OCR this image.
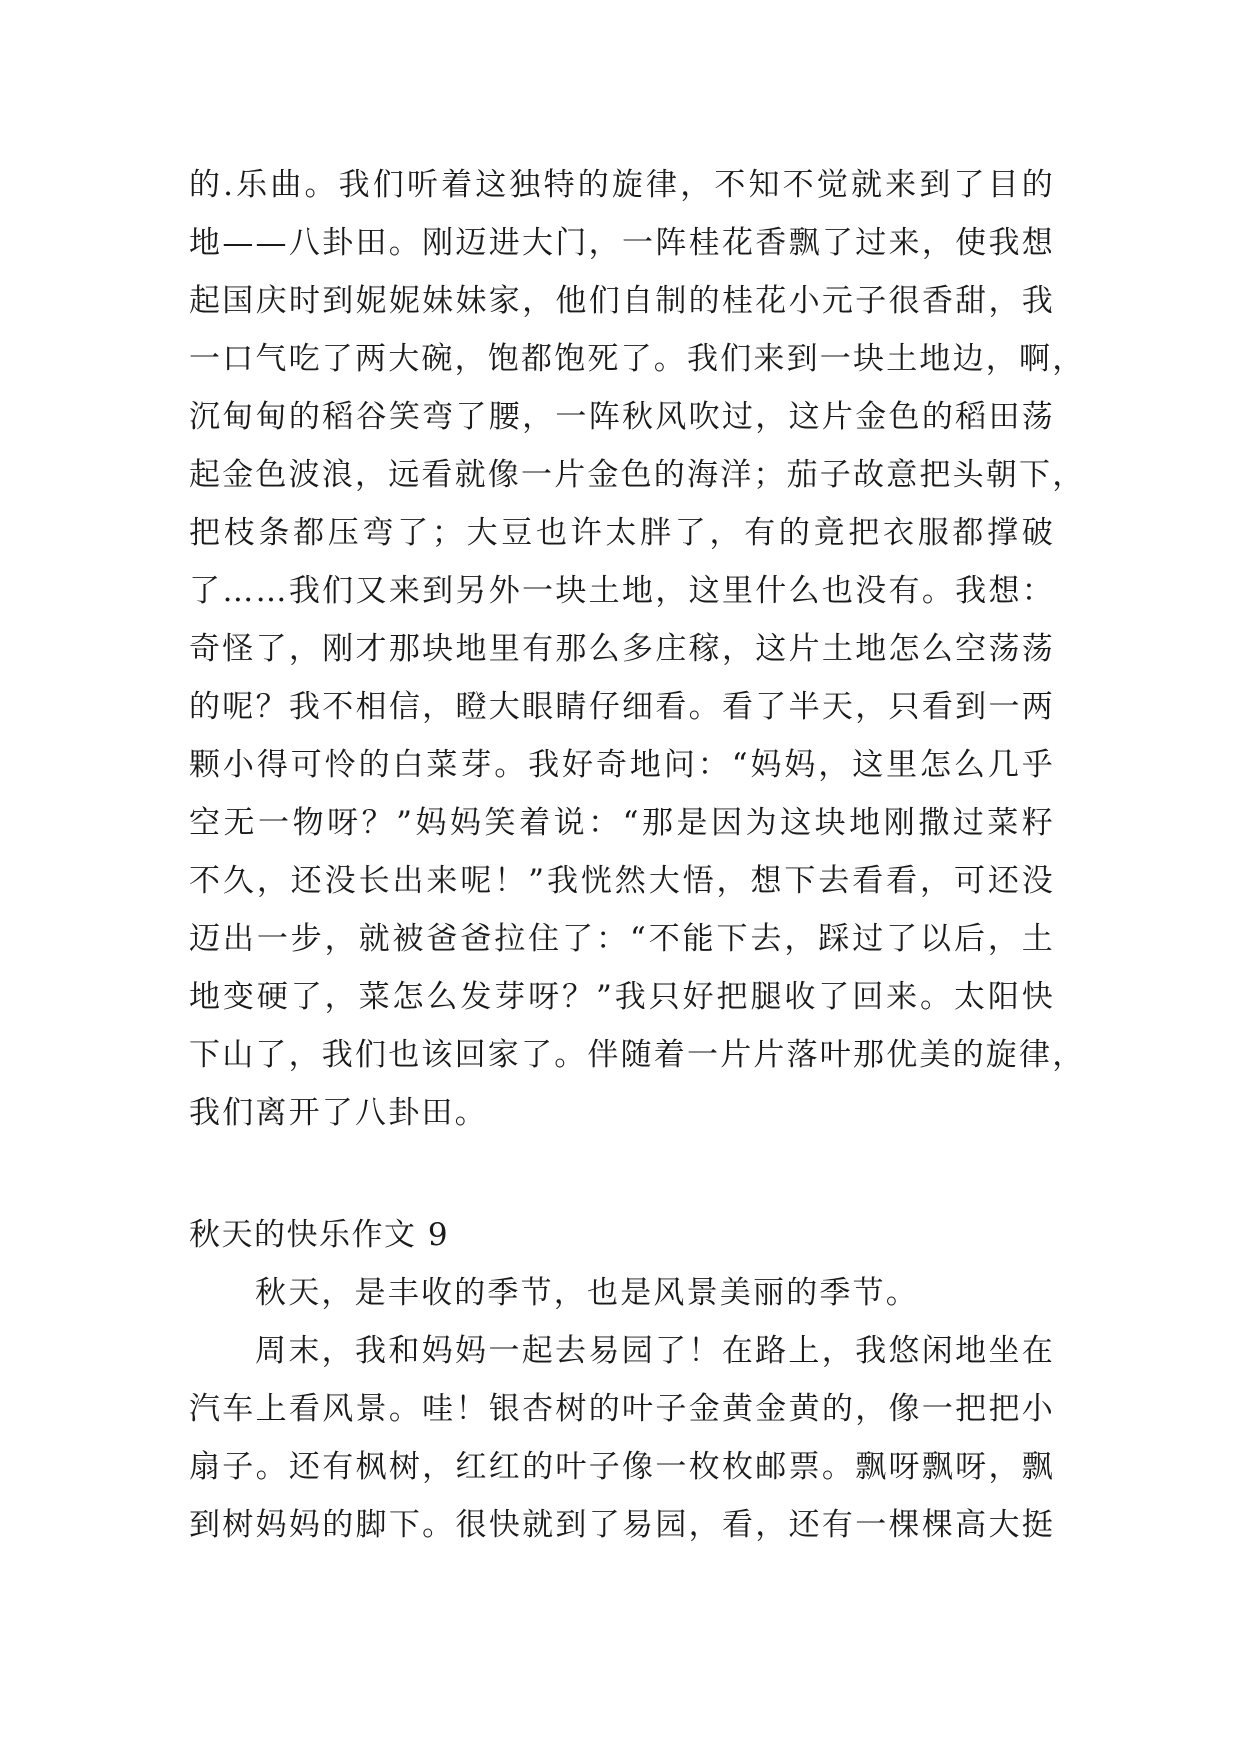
的.乐曲。我们听着这独特的旋律，不知不觉就来到了目的
地——八卦田。刚迈进大门，一阵桂花香飘了过来，使我想
起国庆时到妮妮妹妹家，他们自制的桂花小元子很香甜，我
一口气吃了两大碗，饱都饱死了。我们来到一块土地边，啊，
沉甸甸的稻谷笑弯了腰，一阵秋风吹过，这片金色的稻田荡
起金色波浪，远看就像一片金色的海洋；茄子故意把头朝下，
把枝条都压弯了；大豆也许太胖了，有的竟把衣服都撑破
了……我们又来到另外一块土地，这里什么也没有。我想：
奇怪了，刚才那块地里有那么多庄稼，这片土地怎么空荡荡
的呢？我不相信，瞪大眼睛仔细看。看了半天，只看到一两
颗小得可怜的白菜芽。我好奇地问：“妈妈，这里怎么几乎
空无一物呀？”妈妈笑着说：“那是因为这块地刚撒过菜籽
不久，还没长出来呢！”我恍然大悟，想下去看看，可还没
迈出一步，就被爸爸拉住了：“不能下去，踩过了以后，土
地变硬了，菜怎么发芽呀？”我只好把腿收了回来。太阳快
下山了，我们也该回家了。伴随着一片片落叶那优美的旋律，
我们离开了八卦田。
秋天的快乐作文 9
秋天，是丰收的季节，也是风景美丽的季节。
周末，我和妈妈一起去易园了！在路上，我悠闲地坐在
汽车上看风景。哇！银杏树的叶子金黄金黄的，像一把把小
扇子。还有枫树，红红的叶子像一枚枚邮票。飘呀飘呀，飘
到树妈妈的脚下。很快就到了易园，看，还有一棵棵高大挺
